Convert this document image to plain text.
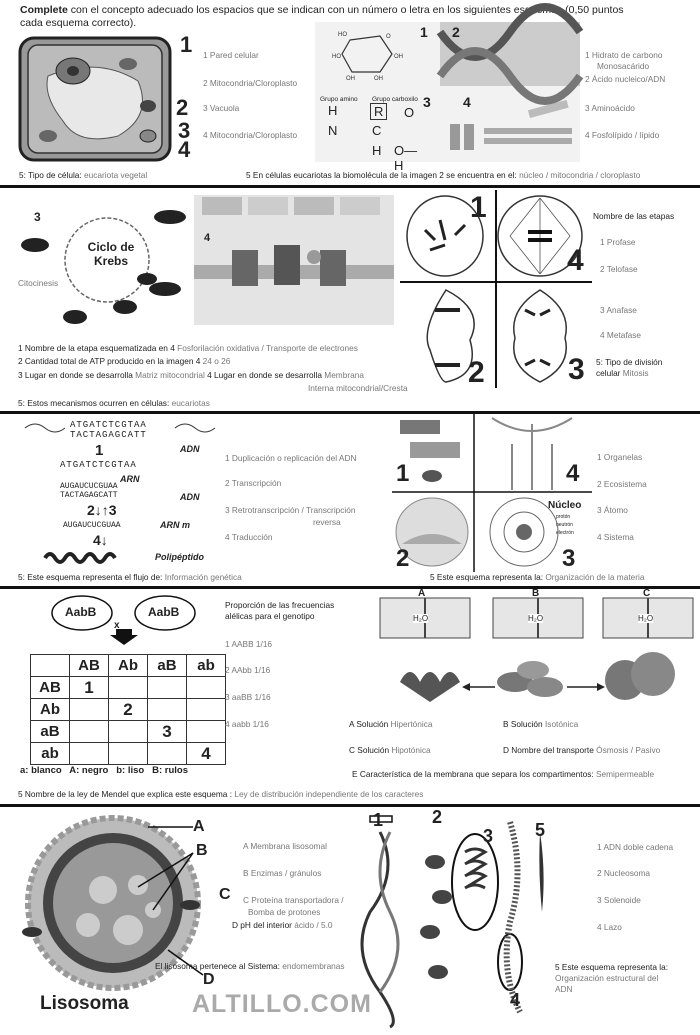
Complete con el concepto adecuado los espacios que se indican con un número o letra en los siguientes esquemas (0,50 puntos
cada esquema correcto).
1
2
3
4
1 Pared celular
2 Mitocondria/Cloroplasto
3 Vacuola
4 Mitocondria/Cloroplasto
HO	O
HO	OH
OH	OH
1 2
Grupo amino Grupo carboxilo
H	R
N	C
O
H O—H
3 4
1 Hidrato de carbono
Monosacárido
2 Ácido nucleico/ADN
3 Aminoácido
4 Fosfolípido / lípido
5: Tipo de célula: eucariota vegetal	5 En células eucariotas la biomolécula de la imagen 2 se encuentra en el: núcleo / mitocondria / cloroplasto
3
Ciclo de Krebs
Citocinesis
4
1
4
2	3
Nombre de las etapas
1 Profase
2 Telofase
3 Anafase
4 Metafase
5: Tipo de división
celular Mitosis
1 Nombre de la etapa esquematizada en 4 Fosforilación oxidativa / Transporte de electrones
2 Cantidad total de ATP producido en la imagen 4 24 o 26
3 Lugar en donde se desarrolla Matriz mitocondrial 4 Lugar en donde se desarrolla Membrana
Interna mitocondrial/Cresta
5: Estos mecanismos ocurren en células: eucariotas
ATGATCTCGTAA
TACTAGAGCATT
ADN
1
ATGATCTCGTAA
ARN
AUGAUCUCGUAA
TACTAGAGCATT	ADN
2↓↑3
AUGAUCUCGUAA	ARN m
4↓
Polipéptido
1 Duplicación o replicación del ADN
2 Transcripción
3 Retrotranscripción / Transcripción
reversa
4 Traducción
1	4
2	3
Núcleo
protón
neutrón
electrón
1 Organelas
2 Ecosistema
3 Átomo
4 Sistema
5: Este esquema representa el flujo de: Información genética	5 Este esquema representa la: Organización de la materia
AabB	AabB
x
	AB	Ab	aB	ab
AB	1			
Ab		2		
aB			3	
ab				4
a: blanco   A: negro   b: liso   B: rulos
Proporción de las frecuencias
alélicas para el genotipo
1 AABB 1/16
2 AAbb 1/16
3 aaBB 1/16
4 aabb 1/16
A	B	C
H₂O	H₂O	H₂O
A Solución Hipertónica	B Solución Isotónica
C Solución Hipotónica	D Nombre del transporte Ósmosis / Pasivo
E Característica de la membrana que separa los compartimentos: Semipermeable
5 Nombre de la ley de Mendel que explica este esquema : Ley de distribución independiente de los caracteres
A
B
C
D
A Membrana lisosomal
B Enzimas / gránulos
C Proteína transportadora /
Bomba de protones
D pH del interior ácido / 5.0
El lisosoma pertenece al Sistema: endomembranas
Lisosoma	ALTILLO.COM
1	2
3
4
5
1 ADN doble cadena
2 Nucleosoma
3 Solenoide
4 Lazo
5 Este esquema representa la:
Organización estructural del
ADN
